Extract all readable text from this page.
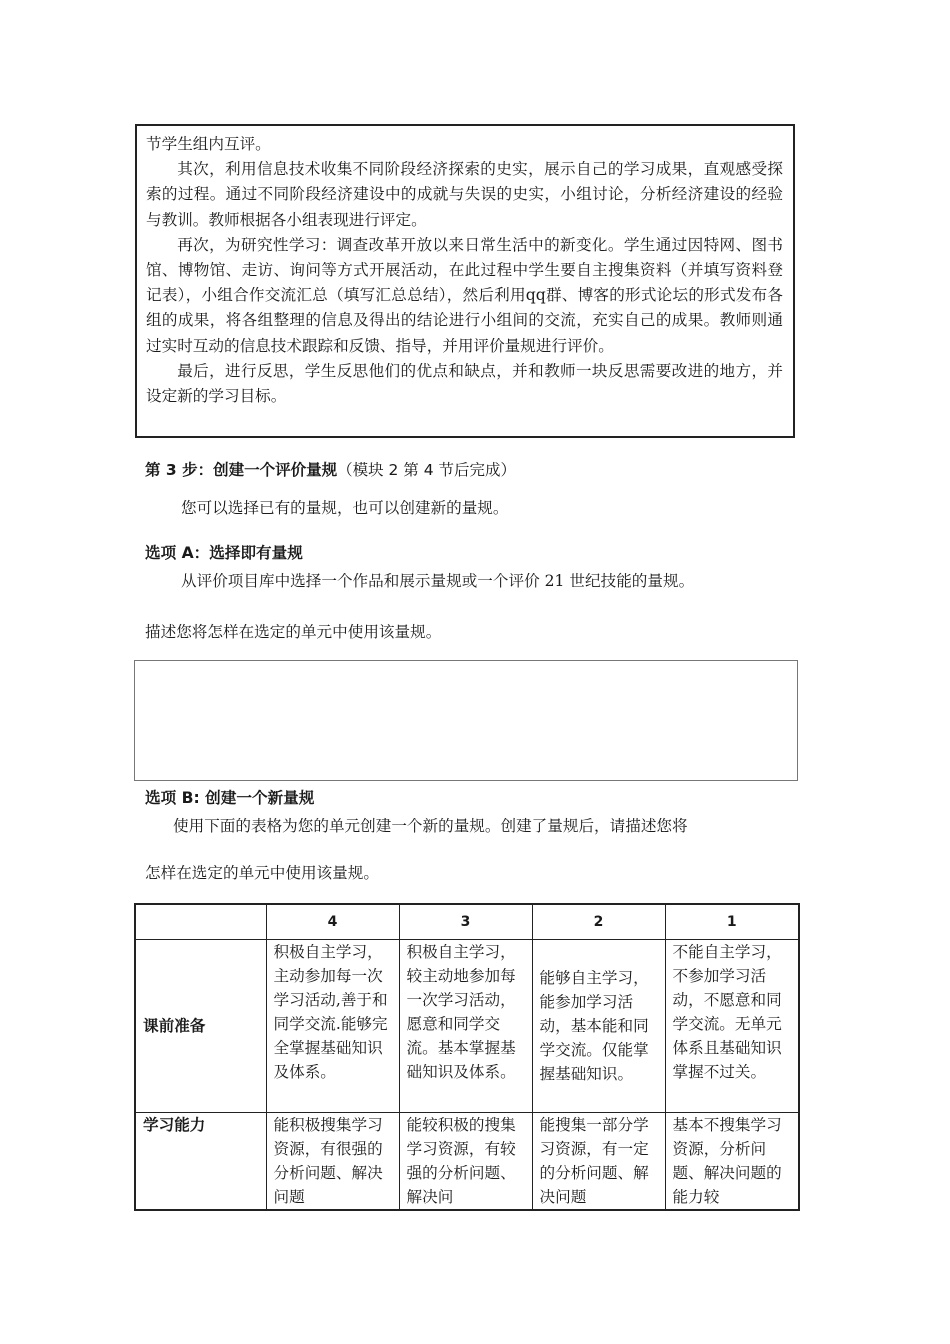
节学生组内互评。

其次，利用信息技术收集不同阶段经济探索的史实，展示自己的学习成果，直观感受探索的过程。通过不同阶段经济建设中的成就与失误的史实，小组讨论，分析经济建设的经验与教训。教师根据各小组表现进行评定。

再次，为研究性学习：调查改革开放以来日常生活中的新变化。学生通过因特网、图书馆、博物馆、走访、询问等方式开展活动，在此过程中学生要自主搜集资料（并填写资料登记表），小组合作交流汇总（填写汇总总结），然后利用qq群、博客的形式论坛的形式发布各组的成果，将各组整理的信息及得出的结论进行小组间的交流，充实自己的成果。教师则通过实时互动的信息技术跟踪和反馈、指导，并用评价量规进行评价。

最后，进行反思，学生反思他们的优点和缺点，并和教师一块反思需要改进的地方，并设定新的学习目标。

第 3 步：创建一个评价量规（模块 2 第 4 节后完成）
您可以选择已有的量规，也可以创建新的量规。
选项 A：选择即有量规
从评价项目库中选择一个作品和展示量规或一个评价 21 世纪技能的量规。
描述您将怎样在选定的单元中使用该量规。
选项 B: 创建一个新量规
使用下面的表格为您的单元创建一个新的量规。创建了量规后，请描述您将
怎样在选定的单元中使用该量规。
	4	3	2	1
课前准备	积极自主学习，主动参加每一次学习活动,善于和同学交流.能够完全掌握基础知识及体系。	积极自主学习，较主动地参加每一次学习活动，愿意和同学交流。基本掌握基础知识及体系。	能够自主学习，能参加学习活动，基本能和同学交流。仅能掌握基础知识。	不能自主学习，不参加学习活动，不愿意和同学交流。无单元体系且基础知识掌握不过关。
学习能力	能积极搜集学习资源，有很强的分析问题、解决问题	能较积极的搜集学习资源，有较强的分析问题、解决问	能搜集一部分学习资源，有一定的分析问题、解决问题	基本不搜集学习资源，分析问题、解决问题的能力较
